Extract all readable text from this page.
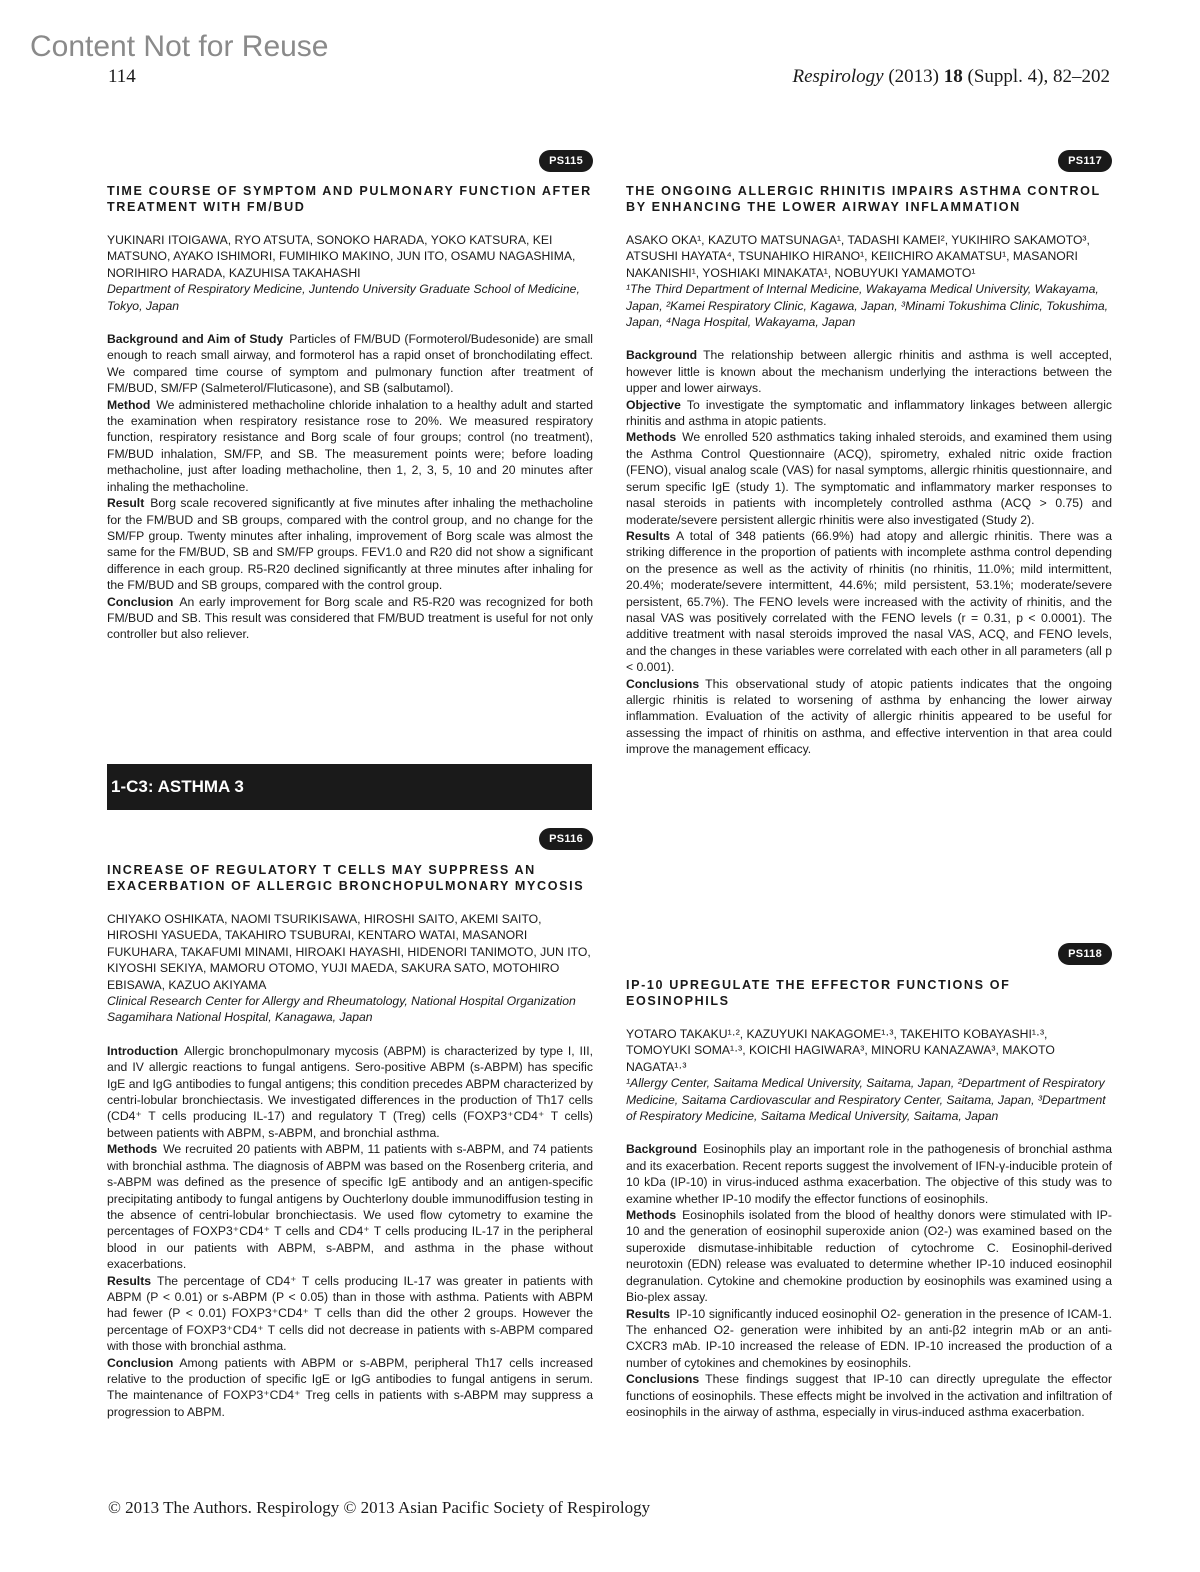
Content Not for Reuse
114	Respirology (2013) 18 (Suppl. 4), 82–202
PS115
TIME COURSE OF SYMPTOM AND PULMONARY FUNCTION AFTER TREATMENT WITH FM/BUD

YUKINARI ITOIGAWA, RYO ATSUTA, SONOKO HARADA, YOKO KATSURA, KEI MATSUNO, AYAKO ISHIMORI, FUMIHIKO MAKINO, JUN ITO, OSAMU NAGASHIMA, NORIHIRO HARADA, KAZUHISA TAKAHASHI

Department of Respiratory Medicine, Juntendo University Graduate School of Medicine, Tokyo, Japan

Background and Aim of Study Particles of FM/BUD (Formoterol/Budesonide) are small enough to reach small airway, and formoterol has a rapid onset of bronchodilating effect. We compared time course of symptom and pulmonary function after treatment of FM/BUD, SM/FP (Salmeterol/Fluticasone), and SB (salbutamol).

Method We administered methacholine chloride inhalation to a healthy adult and started the examination when respiratory resistance rose to 20%. We measured respiratory function, respiratory resistance and Borg scale of four groups; control (no treatment), FM/BUD inhalation, SM/FP, and SB. The measurement points were; before loading methacholine, just after loading methacholine, then 1, 2, 3, 5, 10 and 20 minutes after inhaling the methacholine.

Result Borg scale recovered significantly at five minutes after inhaling the methacholine for the FM/BUD and SB groups, compared with the control group, and no change for the SM/FP group. Twenty minutes after inhaling, improvement of Borg scale was almost the same for the FM/BUD, SB and SM/FP groups. FEV1.0 and R20 did not show a significant difference in each group. R5-R20 declined significantly at three minutes after inhaling for the FM/BUD and SB groups, compared with the control group.

Conclusion An early improvement for Borg scale and R5-R20 was recognized for both FM/BUD and SB. This result was considered that FM/BUD treatment is useful for not only controller but also reliever.

1-C3: ASTHMA 3
PS116
INCREASE OF REGULATORY T CELLS MAY SUPPRESS AN EXACERBATION OF ALLERGIC BRONCHOPULMONARY MYCOSIS

CHIYAKO OSHIKATA, NAOMI TSURIKISAWA, HIROSHI SAITO, AKEMI SAITO, HIROSHI YASUEDA, TAKAHIRO TSUBURAI, KENTARO WATAI, MASANORI FUKUHARA, TAKAFUMI MINAMI, HIROAKI HAYASHI, HIDENORI TANIMOTO, JUN ITO, KIYOSHI SEKIYA, MAMORU OTOMO, YUJI MAEDA, SAKURA SATO, MOTOHIRO EBISAWA, KAZUO AKIYAMA

Clinical Research Center for Allergy and Rheumatology, National Hospital Organization Sagamihara National Hospital, Kanagawa, Japan

Introduction Allergic bronchopulmonary mycosis (ABPM) is characterized by type I, III, and IV allergic reactions to fungal antigens. Sero-positive ABPM (s-ABPM) has specific IgE and IgG antibodies to fungal antigens; this condition precedes ABPM characterized by centri-lobular bronchiectasis. We investigated differences in the production of Th17 cells (CD4⁺ T cells producing IL-17) and regulatory T (Treg) cells (FOXP3⁺CD4⁺ T cells) between patients with ABPM, s-ABPM, and bronchial asthma.

Methods We recruited 20 patients with ABPM, 11 patients with s-ABPM, and 74 patients with bronchial asthma. The diagnosis of ABPM was based on the Rosenberg criteria, and s-ABPM was defined as the presence of specific IgE antibody and an antigen-specific precipitating antibody to fungal antigens by Ouchterlony double immunodiffusion testing in the absence of centri-lobular bronchiectasis. We used flow cytometry to examine the percentages of FOXP3⁺CD4⁺ T cells and CD4⁺ T cells producing IL-17 in the peripheral blood in our patients with ABPM, s-ABPM, and asthma in the phase without exacerbations.

Results The percentage of CD4⁺ T cells producing IL-17 was greater in patients with ABPM (P < 0.01) or s-ABPM (P < 0.05) than in those with asthma. Patients with ABPM had fewer (P < 0.01) FOXP3⁺CD4⁺ T cells than did the other 2 groups. However the percentage of FOXP3⁺CD4⁺ T cells did not decrease in patients with s-ABPM compared with those with bronchial asthma.

Conclusion Among patients with ABPM or s-ABPM, peripheral Th17 cells increased relative to the production of specific IgE or IgG antibodies to fungal antigens in serum. The maintenance of FOXP3⁺CD4⁺ Treg cells in patients with s-ABPM may suppress a progression to ABPM.

PS117
THE ONGOING ALLERGIC RHINITIS IMPAIRS ASTHMA CONTROL BY ENHANCING THE LOWER AIRWAY INFLAMMATION

ASAKO OKA¹, KAZUTO MATSUNAGA¹, TADASHI KAMEI², YUKIHIRO SAKAMOTO³, ATSUSHI HAYATA⁴, TSUNAHIKO HIRANO¹, KEIICHIRO AKAMATSU¹, MASANORI NAKANISHI¹, YOSHIAKI MINAKATA¹, NOBUYUKI YAMAMOTO¹

¹The Third Department of Internal Medicine, Wakayama Medical University, Wakayama, Japan, ²Kamei Respiratory Clinic, Kagawa, Japan, ³Minami Tokushima Clinic, Tokushima, Japan, ⁴Naga Hospital, Wakayama, Japan

Background The relationship between allergic rhinitis and asthma is well accepted, however little is known about the mechanism underlying the interactions between the upper and lower airways.

Objective To investigate the symptomatic and inflammatory linkages between allergic rhinitis and asthma in atopic patients.

Methods We enrolled 520 asthmatics taking inhaled steroids, and examined them using the Asthma Control Questionnaire (ACQ), spirometry, exhaled nitric oxide fraction (FENO), visual analog scale (VAS) for nasal symptoms, allergic rhinitis questionnaire, and serum specific IgE (study 1). The symptomatic and inflammatory marker responses to nasal steroids in patients with incompletely controlled asthma (ACQ > 0.75) and moderate/severe persistent allergic rhinitis were also investigated (Study 2).

Results A total of 348 patients (66.9%) had atopy and allergic rhinitis. There was a striking difference in the proportion of patients with incomplete asthma control depending on the presence as well as the activity of rhinitis (no rhinitis, 11.0%; mild intermittent, 20.4%; moderate/severe intermittent, 44.6%; mild persistent, 53.1%; moderate/severe persistent, 65.7%). The FENO levels were increased with the activity of rhinitis, and the nasal VAS was positively correlated with the FENO levels (r = 0.31, p < 0.0001). The additive treatment with nasal steroids improved the nasal VAS, ACQ, and FENO levels, and the changes in these variables were correlated with each other in all parameters (all p < 0.001).

Conclusions This observational study of atopic patients indicates that the ongoing allergic rhinitis is related to worsening of asthma by enhancing the lower airway inflammation. Evaluation of the activity of allergic rhinitis appeared to be useful for assessing the impact of rhinitis on asthma, and effective intervention in that area could improve the management efficacy.

PS118
IP-10 UPREGULATE THE EFFECTOR FUNCTIONS OF EOSINOPHILS

YOTARO TAKAKU¹·², KAZUYUKI NAKAGOME¹·³, TAKEHITO KOBAYASHI¹·³, TOMOYUKI SOMA¹·³, KOICHI HAGIWARA³, MINORU KANAZAWA³, MAKOTO NAGATA¹·³

¹Allergy Center, Saitama Medical University, Saitama, Japan, ²Department of Respiratory Medicine, Saitama Cardiovascular and Respiratory Center, Saitama, Japan, ³Department of Respiratory Medicine, Saitama Medical University, Saitama, Japan

Background Eosinophils play an important role in the pathogenesis of bronchial asthma and its exacerbation. Recent reports suggest the involvement of IFN-γ-inducible protein of 10 kDa (IP-10) in virus-induced asthma exacerbation. The objective of this study was to examine whether IP-10 modify the effector functions of eosinophils.

Methods Eosinophils isolated from the blood of healthy donors were stimulated with IP-10 and the generation of eosinophil superoxide anion (O2-) was examined based on the superoxide dismutase-inhibitable reduction of cytochrome C. Eosinophil-derived neurotoxin (EDN) release was evaluated to determine whether IP-10 induced eosinophil degranulation. Cytokine and chemokine production by eosinophils was examined using a Bio-plex assay.

Results IP-10 significantly induced eosinophil O2- generation in the presence of ICAM-1. The enhanced O2- generation were inhibited by an anti-β2 integrin mAb or an anti-CXCR3 mAb. IP-10 increased the release of EDN. IP-10 increased the production of a number of cytokines and chemokines by eosinophils.

Conclusions These findings suggest that IP-10 can directly upregulate the effector functions of eosinophils. These effects might be involved in the activation and infiltration of eosinophils in the airway of asthma, especially in virus-induced asthma exacerbation.

© 2013 The Authors. Respirology © 2013 Asian Pacific Society of Respirology
